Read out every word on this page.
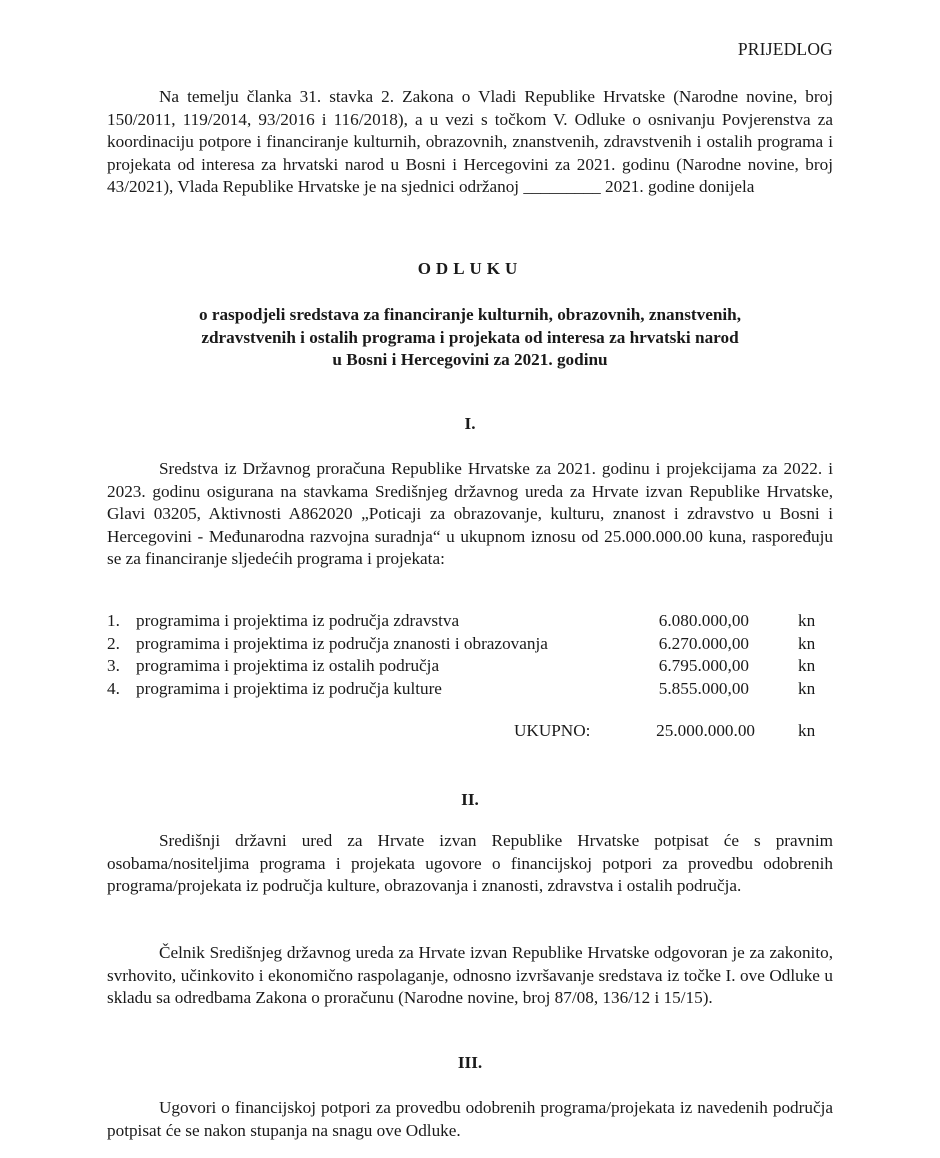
PRIJEDLOG

Na temelju članka 31. stavka 2. Zakona o Vladi Republike Hrvatske (Narodne novine, broj 150/2011, 119/2014, 93/2016 i 116/2018), a u vezi s točkom V. Odluke o osnivanju Povjerenstva za koordinaciju potpore i financiranje kulturnih, obrazovnih, znanstvenih, zdravstvenih i ostalih programa i projekata od interesa za hrvatski narod u Bosni i Hercegovini za 2021. godinu (Narodne novine, broj 43/2021), Vlada Republike Hrvatske je na sjednici održanoj _________ 2021. godine donijela

ODLUKU
o raspodjeli sredstava za financiranje kulturnih, obrazovnih, znanstvenih,
zdravstvenih i ostalih programa i projekata od interesa za hrvatski narod
u Bosni i Hercegovini za 2021. godinu
I.

Sredstva iz Državnog proračuna Republike Hrvatske za 2021. godinu i projekcijama za 2022. i 2023. godinu osigurana na stavkama Središnjeg državnog ureda za Hrvate izvan Republike Hrvatske, Glavi 03205, Aktivnosti A862020 „Poticaji za obrazovanje, kulturu, znanost i zdravstvo u Bosni i Hercegovini - Međunarodna razvojna suradnja“ u ukupnom iznosu od 25.000.000.00 kuna, raspoređuju se za financiranje sljedećih programa i projekata:

1. programima i projektima iz područja zdravstva	6.080.000,00	kn
2. programima i projektima iz područja znanosti i obrazovanja	6.270.000,00	kn
3. programima i projektima iz ostalih područja	6.795.000,00	kn
4. programima i projektima iz područja kulture	5.855.000,00	kn
UKUPNO:	25.000.000.00	kn
II.

Središnji državni ured za Hrvate izvan Republike Hrvatske potpisat će s pravnim osobama/nositeljima programa i projekata ugovore o financijskoj potpori za provedbu odobrenih programa/projekata iz područja kulture, obrazovanja i znanosti, zdravstva i ostalih područja.

Čelnik Središnjeg državnog ureda za Hrvate izvan Republike Hrvatske odgovoran je za zakonito, svrhovito, učinkovito i ekonomično raspolaganje, odnosno izvršavanje sredstava iz točke I. ove Odluke u skladu sa odredbama Zakona o proračunu (Narodne novine, broj 87/08, 136/12 i 15/15).

III.

Ugovori o financijskoj potpori za provedbu odobrenih programa/projekata iz navedenih područja potpisat će se nakon stupanja na snagu ove Odluke.
